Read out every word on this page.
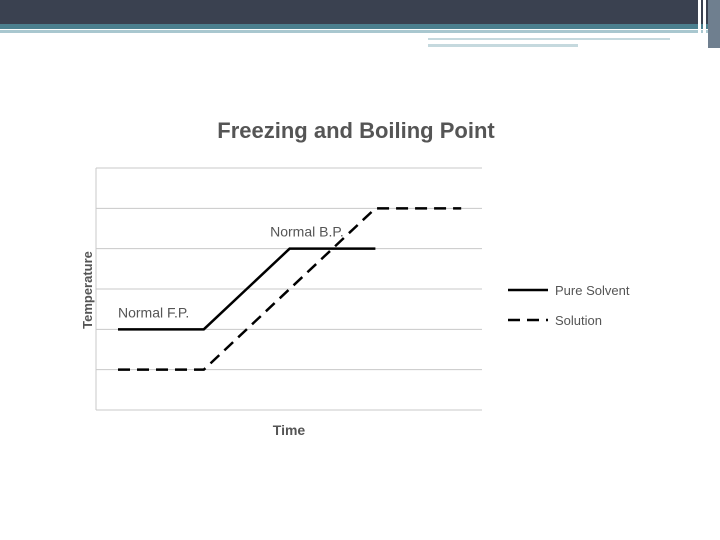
Freezing and Boiling Point
Time
Temperature Normal F.P.
Normal B.P.
Pure Solvent
Solution
